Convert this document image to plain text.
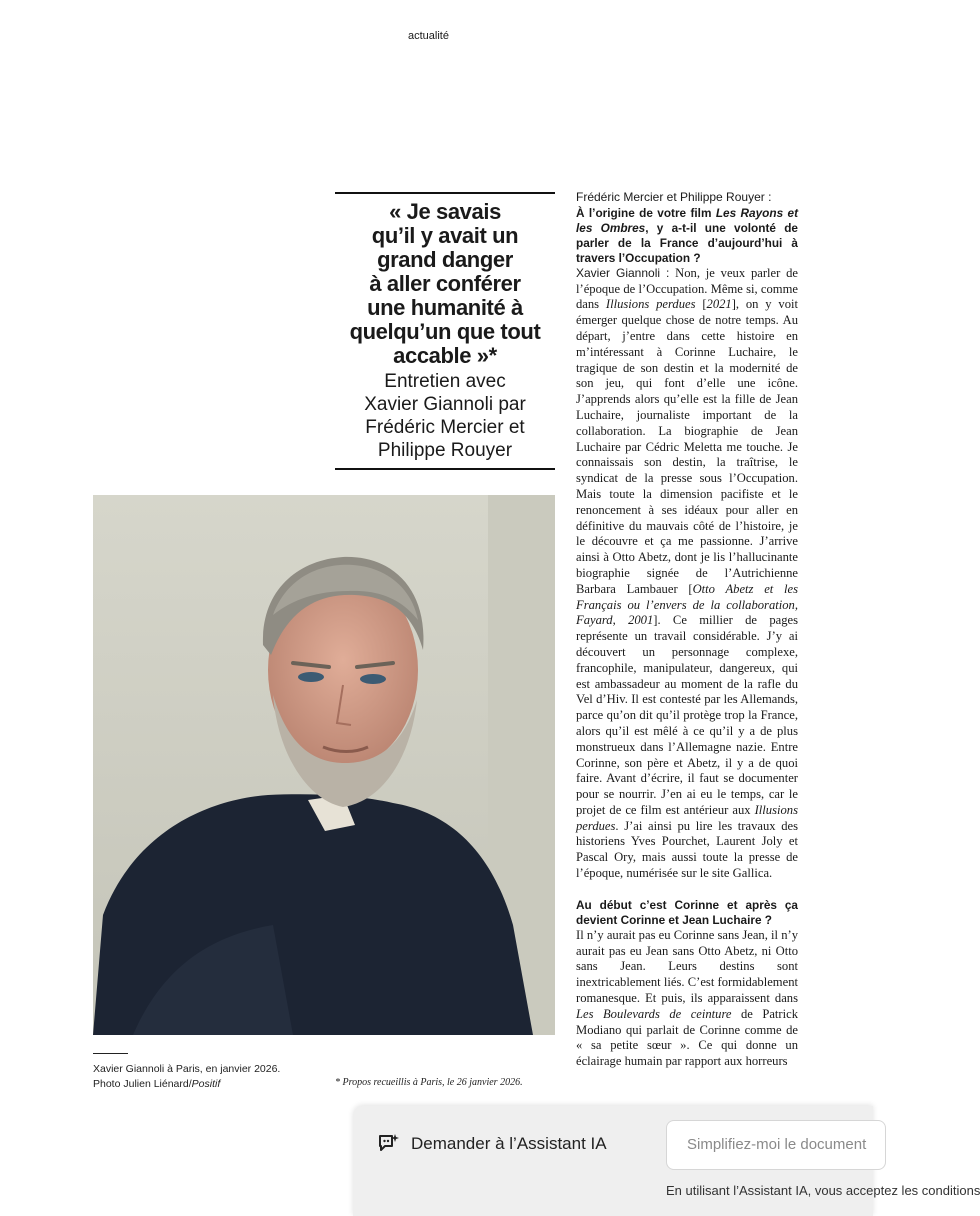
actualité
« Je savais
qu’il y avait un
grand danger
à aller conférer
une humanité à
quelqu’un que tout
accable »*
Entretien avec
Xavier Giannoli par
Frédéric Mercier et
Philippe Rouyer
Xavier Giannoli à Paris, en janvier 2026.
Photo Julien Liénard/Positif	* Propos recueillis à Paris, le 26 janvier 2026.

Frédéric Mercier et Philippe Rouyer :

À l’origine de votre film Les Rayons et les Ombres, y a-t-il une volonté de parler de la France d’aujourd’hui à travers l’Occupation ?

Xavier Giannoli : Non, je veux parler de l’époque de l’Occupation. Même si, comme dans Illusions perdues [2021], on y voit émerger quelque chose de notre temps. Au départ, j’entre dans cette histoire en m’intéressant à Corinne Luchaire, le tragique de son destin et la modernité de son jeu, qui font d’elle une icône. J’apprends alors qu’elle est la fille de Jean Luchaire, journaliste important de la collaboration. La biographie de Jean Luchaire par Cédric Meletta me touche. Je connaissais son destin, la traîtrise, le syndicat de la presse sous l’Occupation. Mais toute la dimension pacifiste et le renoncement à ses idéaux pour aller en définitive du mauvais côté de l’histoire, je le découvre et ça me passionne. J’arrive ainsi à Otto Abetz, dont je lis l’hallucinante biographie signée de l’Autrichienne Barbara Lambauer [Otto Abetz et les Français ou l’envers de la collaboration, Fayard, 2001]. Ce millier de pages représente un travail considérable. J’y ai découvert un personnage complexe, francophile, manipulateur, dangereux, qui est ambassadeur au moment de la rafle du Vel d’Hiv. Il est contesté par les Allemands, parce qu’on dit qu’il protège trop la France, alors qu’il est mêlé à ce qu’il y a de plus monstrueux dans l’Allemagne nazie. Entre Corinne, son père et Abetz, il y a de quoi faire. Avant d’écrire, il faut se documenter pour se nourrir. J’en ai eu le temps, car le projet de ce film est antérieur aux Illusions perdues. J’ai ainsi pu lire les travaux des historiens Yves Pourchet, Laurent Joly et Pascal Ory, mais aussi toute la presse de l’époque, numérisée sur le site Gallica.

Au début c’est Corinne et après ça devient Corinne et Jean Luchaire ?

Il n’y aurait pas eu Corinne sans Jean, il n’y aurait pas eu Jean sans Otto Abetz, ni Otto sans Jean. Leurs destins sont inextricablement liés. C’est formidablement romanesque. Et puis, ils apparaissent dans Les Boulevards de ceinture de Patrick Modiano qui parlait de Corinne comme de « sa petite sœur ». Ce qui donne un éclairage humain par rapport aux horreurs

Demander à l’Assistant IA	Simplifiez-moi le document
En utilisant l’Assistant IA, vous acceptez les conditions
